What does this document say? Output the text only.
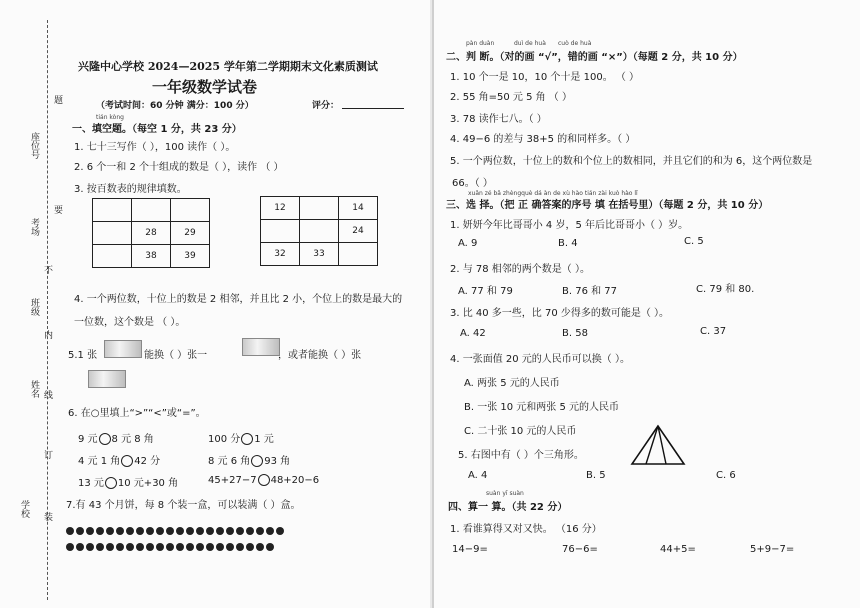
座位号
考场
班级
姓名
学校
题
要
不
内
线
订
装
兴隆中心学校 2024—2025 学年第二学期期末文化素质测试
一年级数学试卷
（考试时间：60 分钟 满分：100 分）	评分：
tián kòng
一、填空题。（每空 1 分，共 23 分）
1. 七十三写作（ ），100 读作（ ）。
2. 6 个一和 2 个十组成的数是（ ），读作 （ ）
3. 按百数表的规律填数。

	28	29
	38	39
12		14
		24
32	33	
4. 一个两位数，十位上的数是 2 相邻，并且比 2 小，个位上的数是最大的
一位数，这个数是 （ ）。
5.1 张	能换（ ）张一	，或者能换（ ）张
6. 在○里填上“>”“<”或“=”。
9 元 8 元 8 角	100 分 1 元
4 元 1 角 42 分	8 元 6 角 93 角
13 元 10 元+30 角	45+27−7 48+20−6
7.有 43 个月饼，每 8 个装一盒，可以装满（ ）盒。
pàn duàn	duì de huà cuò de huà
二、判 断。（对的画 “√”，错的画 “×”）（每题 2 分，共 10 分）
1. 10 个一是 10，10 个十是 100。 （ ）
2. 55 角=50 元 5 角 （ ）
3. 78 读作七八。（ ）
4. 49−6 的差与 38+5 的和同样多。（ ）
5. 一个两位数，十位上的数和个位上的数相同，并且它们的和为 6，这个两位数是
66。（ ）
xuǎn zé bǎ zhèngquè dá àn de xù hào tián zài kuò hào lǐ
三、选 择。（把 正 确答案的序号 填 在括号里）（每题 2 分，共 10 分）
1. 妍妍今年比哥哥小 4 岁，5 年后比哥哥小（ ）岁。
A. 9	B. 4	C. 5
2. 与 78 相邻的两个数是（ ）。
A. 77 和 79	B. 76 和 77	C. 79 和 80.
3. 比 40 多一些，比 70 少得多的数可能是（ ）。
A. 42	B. 58	C. 37
4. 一张面值 20 元的人民币可以换（ ）。
A. 两张 5 元的人民币
B. 一张 10 元和两张 5 元的人民币
C. 二十张 10 元的人民币
5. 右图中有（ ）个三角形。
A. 4	B. 5	C. 6
suàn yī suàn
四、算一 算。（共 22 分）
1. 看谁算得又对又快。 （16 分）
14−9=	76−6=	44+5=	5+9−7=
